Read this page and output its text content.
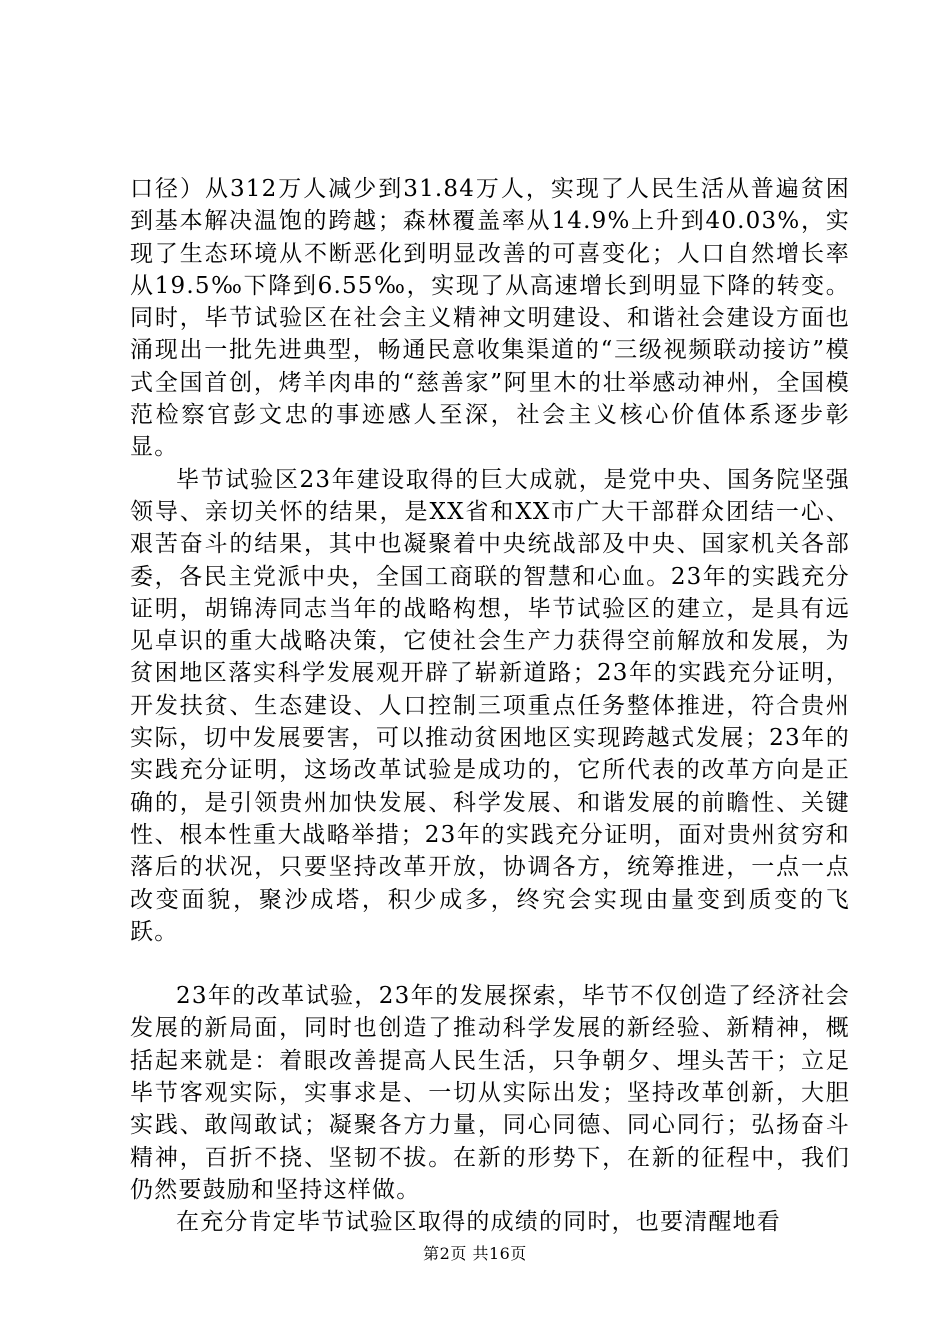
口径）从312万人减少到31.84万人，实现了人民生活从普遍贫困到基本解决温饱的跨越；森林覆盖率从14.9%上升到40.03%，实现了生态环境从不断恶化到明显改善的可喜变化；人口自然增长率从19.5‰下降到6.55‰，实现了从高速增长到明显下降的转变。同时，毕节试验区在社会主义精神文明建设、和谐社会建设方面也涌现出一批先进典型，畅通民意收集渠道的“三级视频联动接访”模式全国首创，烤羊肉串的“慈善家”阿里木的壮举感动神州，全国模范检察官彭文忠的事迹感人至深，社会主义核心价值体系逐步彰显。

毕节试验区23年建设取得的巨大成就，是党中央、国务院坚强领导、亲切关怀的结果，是XX省和XX市广大干部群众团结一心、艰苦奋斗的结果，其中也凝聚着中央统战部及中央、国家机关各部委，各民主党派中央，全国工商联的智慧和心血。23年的实践充分证明，胡锦涛同志当年的战略构想，毕节试验区的建立，是具有远见卓识的重大战略决策，它使社会生产力获得空前解放和发展，为贫困地区落实科学发展观开辟了崭新道路；23年的实践充分证明，开发扶贫、生态建设、人口控制三项重点任务整体推进，符合贵州实际，切中发展要害，可以推动贫困地区实现跨越式发展；23年的实践充分证明，这场改革试验是成功的，它所代表的改革方向是正确的，是引领贵州加快发展、科学发展、和谐发展的前瞻性、关键性、根本性重大战略举措；23年的实践充分证明，面对贵州贫穷和落后的状况，只要坚持改革开放，协调各方，统筹推进，一点一点改变面貌，聚沙成塔，积少成多，终究会实现由量变到质变的飞跃。

23年的改革试验，23年的发展探索，毕节不仅创造了经济社会发展的新局面，同时也创造了推动科学发展的新经验、新精神，概括起来就是：着眼改善提高人民生活，只争朝夕、埋头苦干；立足毕节客观实际，实事求是、一切从实际出发；坚持改革创新，大胆实践、敢闯敢试；凝聚各方力量，同心同德、同心同行；弘扬奋斗精神，百折不挠、坚韧不拔。在新的形势下，在新的征程中，我们仍然要鼓励和坚持这样做。

在充分肯定毕节试验区取得的成绩的同时，也要清醒地看

第2页 共16页
